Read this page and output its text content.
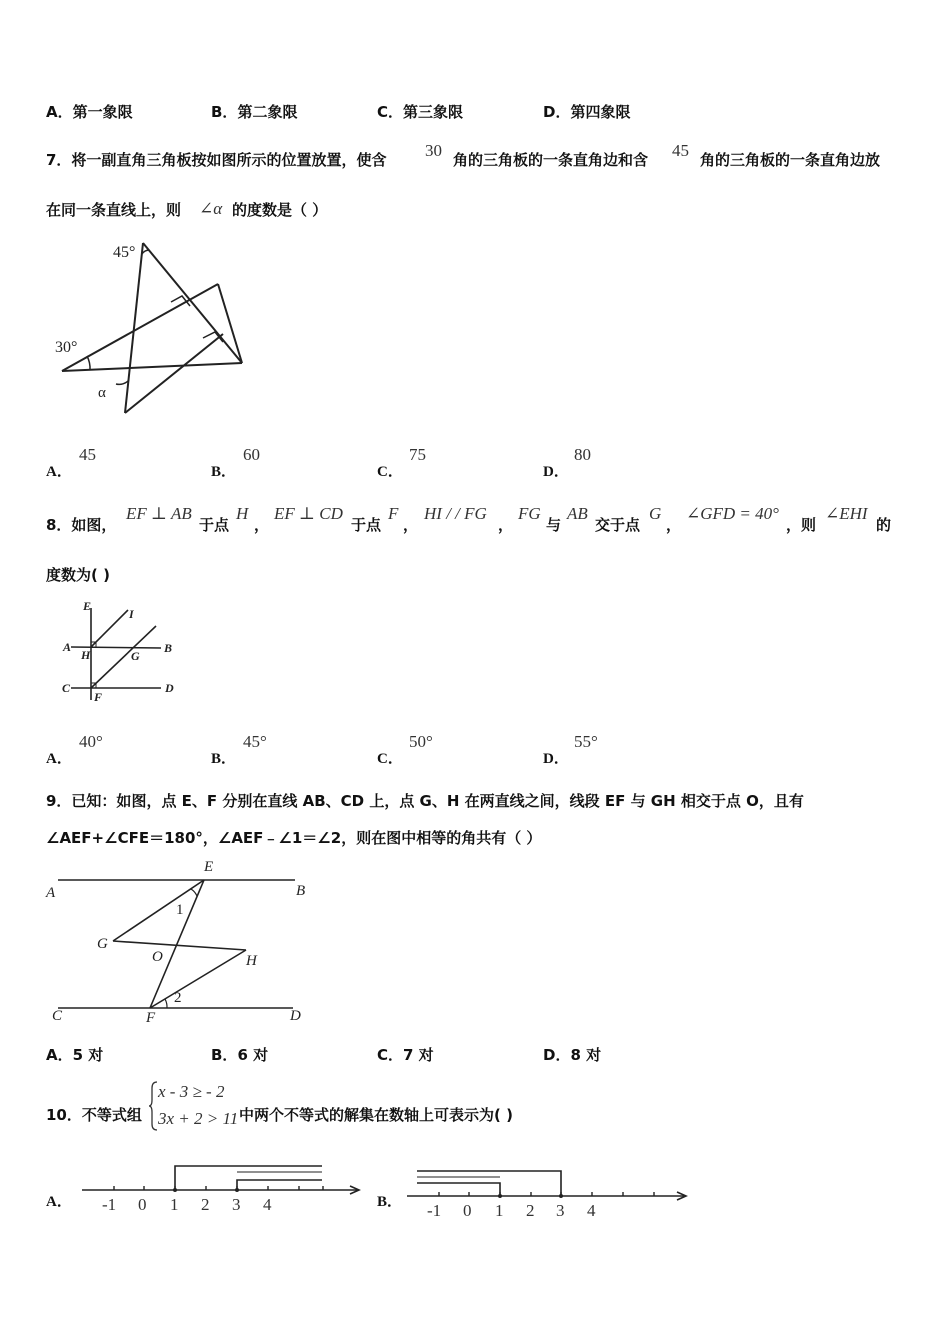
A．第一象限	B．第二象限	C．第三象限	D．第四象限
7．将一副直角三角板按如图所示的位置放置，使含 30 角的三角板的一条直角边和含 45 角的三角板的一条直角边放
在同一条直线上，则 ∠α 的度数是（ ）
45°
30°
α
A．
45
B．
60
C．
75
D．
80
8．如图，
EF ⊥ AB
于点
H
，
EF ⊥ CD
于点
F
，
HI / / FG
，
FG
与
AB
交于点
G
，
∠GFD = 40°
，则
∠EHI
的
度数为( )
E
I
A
H	G
B
C	D
F
A．
40°
B．
45°
C．
50°
D．
55°
9．已知：如图，点 E、F 分别在直线 AB、CD 上，点 G、H 在两直线之间，线段 EF 与 GH 相交于点 O，且有
∠AEF+∠CFE＝180°，∠AEF﹣∠1＝∠2，则在图中相等的角共有（ ）
A	B
E
1
G
O	H
C	D
F
2
A．5 对	B．6 对	C．7 对	D．8 对
10．不等式组
x - 3 ≥ - 2
3x + 2 > 11 中两个不等式的解集在数轴上可表示为( )
A． -1 0 1 2 3 4	B． -1 0 1 2 3 4
